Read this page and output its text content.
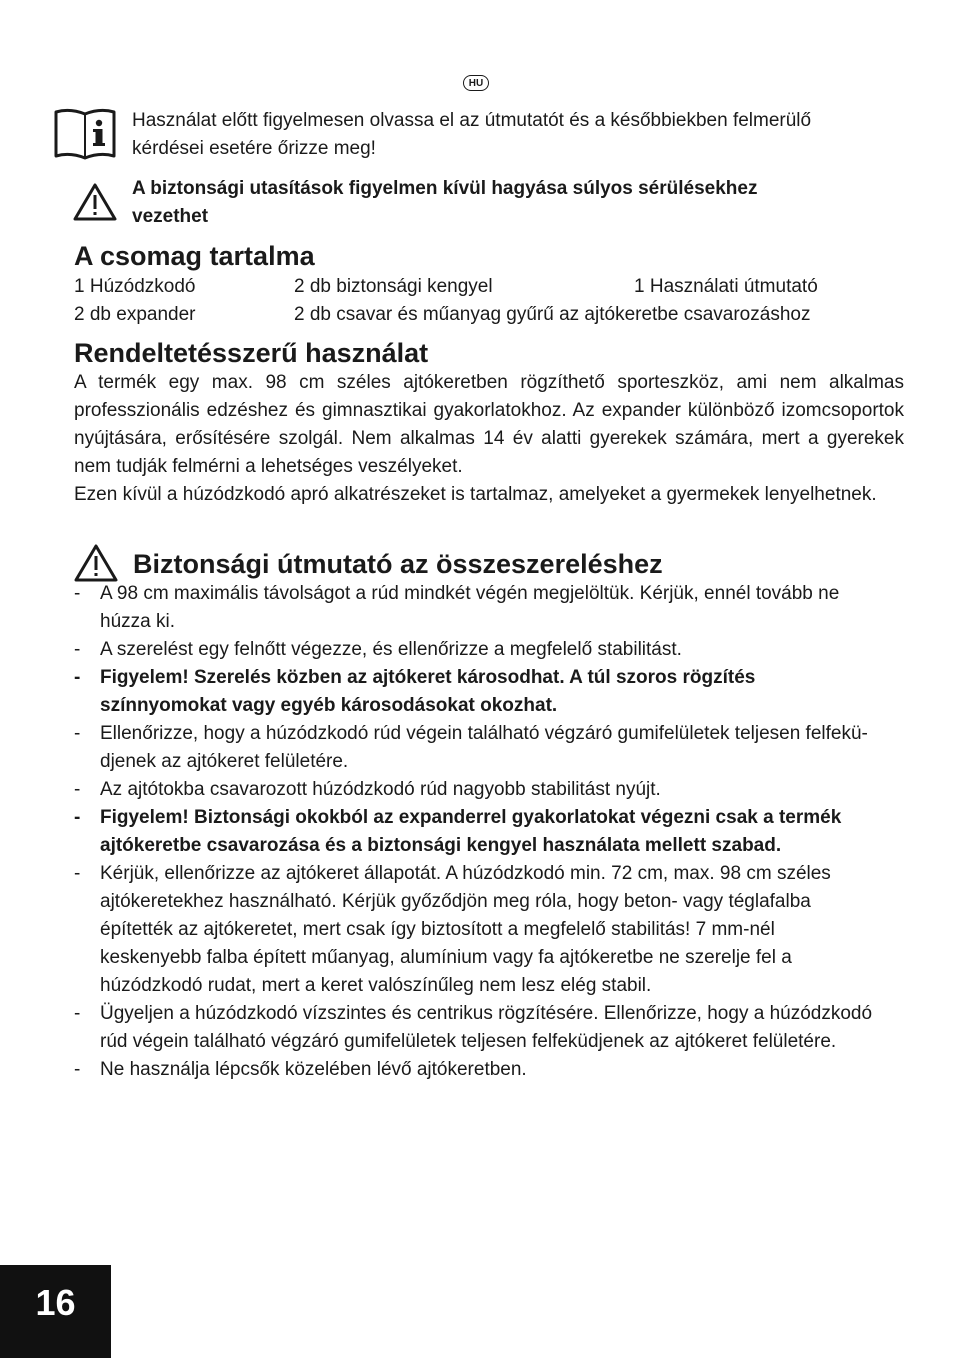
HU
Használat előtt figyelmesen olvassa el az útmutatót és a későbbiekben felmerülő kérdései esetére őrizze meg!
A biztonsági utasítások figyelmen kívül hagyása súlyos sérülésekhez vezethet
A csomag tartalma
1 Húzódzkodó	2 db biztonsági kengyel	1 Használati útmutató
2 db expander	2 db csavar és műanyag gyűrű az ajtókeretbe csavarozáshoz
Rendeltetésszerű használat

A termék egy max. 98 cm széles ajtókeretben rögzíthető sporteszköz, ami nem alkalmas professzionális edzéshez és gimnasztikai gyakorlatokhoz. Az expander különböző izomcsoportok nyújtására, erősítésére szolgál. Nem alkalmas 14 év alatti gyerekek számára, mert a gyerekek nem tudják felmérni a lehetséges veszélyeket.

Ezen kívül a húzódzkodó apró alkatrészeket is tartalmaz, amelyeket a gyermekek lenyelhetnek.

Biztonsági útmutató az összeszereléshez
-	A 98 cm maximális távolságot a rúd mindkét végén megjelöltük. Kérjük, ennél tovább ne húzza ki.
-	A szerelést egy felnőtt végezze, és ellenőrizze a megfelelő stabilitást.
-	Figyelem! Szerelés közben az ajtókeret károsodhat. A túl szoros rögzítés színnyomokat vagy egyéb károsodásokat okozhat.
-	Ellenőrizze, hogy a húzódzkodó rúd végein található végzáró gumifelületek teljesen felfeküdjenek az ajtókeret felületére.
-	Az ajtótokba csavarozott húzódzkodó rúd nagyobb stabilitást nyújt.
-	Figyelem! Biztonsági okokból az expanderrel gyakorlatokat végezni csak a termék ajtókeretbe csavarozása és a biztonsági kengyel használata mellett szabad.
-	Kérjük, ellenőrizze az ajtókeret állapotát. A húzódzkodó min. 72 cm, max. 98 cm széles ajtókeretekhez használható. Kérjük győződjön meg róla, hogy beton- vagy téglafalba építették az ajtókeretet, mert csak így biztosított a megfelelő stabilitás! 7 mm-nél keskenyebb falba épített műanyag, alumínium vagy fa ajtókeretbe ne szerelje fel a húzódzkodó rudat, mert a keret valószínűleg nem lesz elég stabil.
-	Ügyeljen a húzódzkodó vízszintes és centrikus rögzítésére. Ellenőrizze, hogy a húzódzkodó rúd végein található végzáró gumifelületek teljesen felfeküdjenek az ajtókeret felületére.
-	Ne használja lépcsők közelében lévő ajtókeretben.
16
